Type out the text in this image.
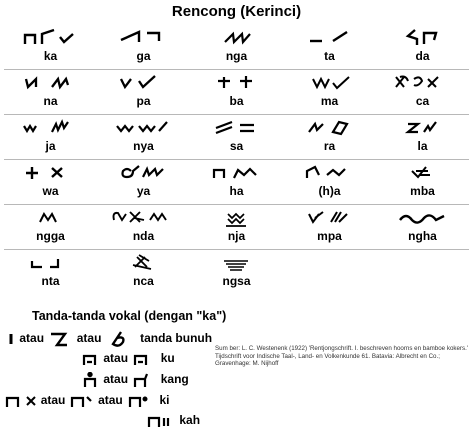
Rencong (Kerinci)
ka	ga	nga	ta	da
na	pa	ba	ma	ca
ja	nya	sa	ra	la
wa	ya	ha	(h)a	mba
ngga	nda	nja	mpa	ngha
nta	nca	ngsa
Tanda-tanda vokal (dengan "ka")
atau	atau	tanda bunuh
atau	ku
atau	kang
atau	atau	ki
kah
Sum ber: L. C. Westenenk (1922) 'Rentjongschrift. I. beschreven hoorns en bamboe kokers.' Tijdschrift voor Indische Taal-, Land- en Volkenkunde 61. Batavia: Albrecht en Co.; Gravenhage: M. Nijhoff
